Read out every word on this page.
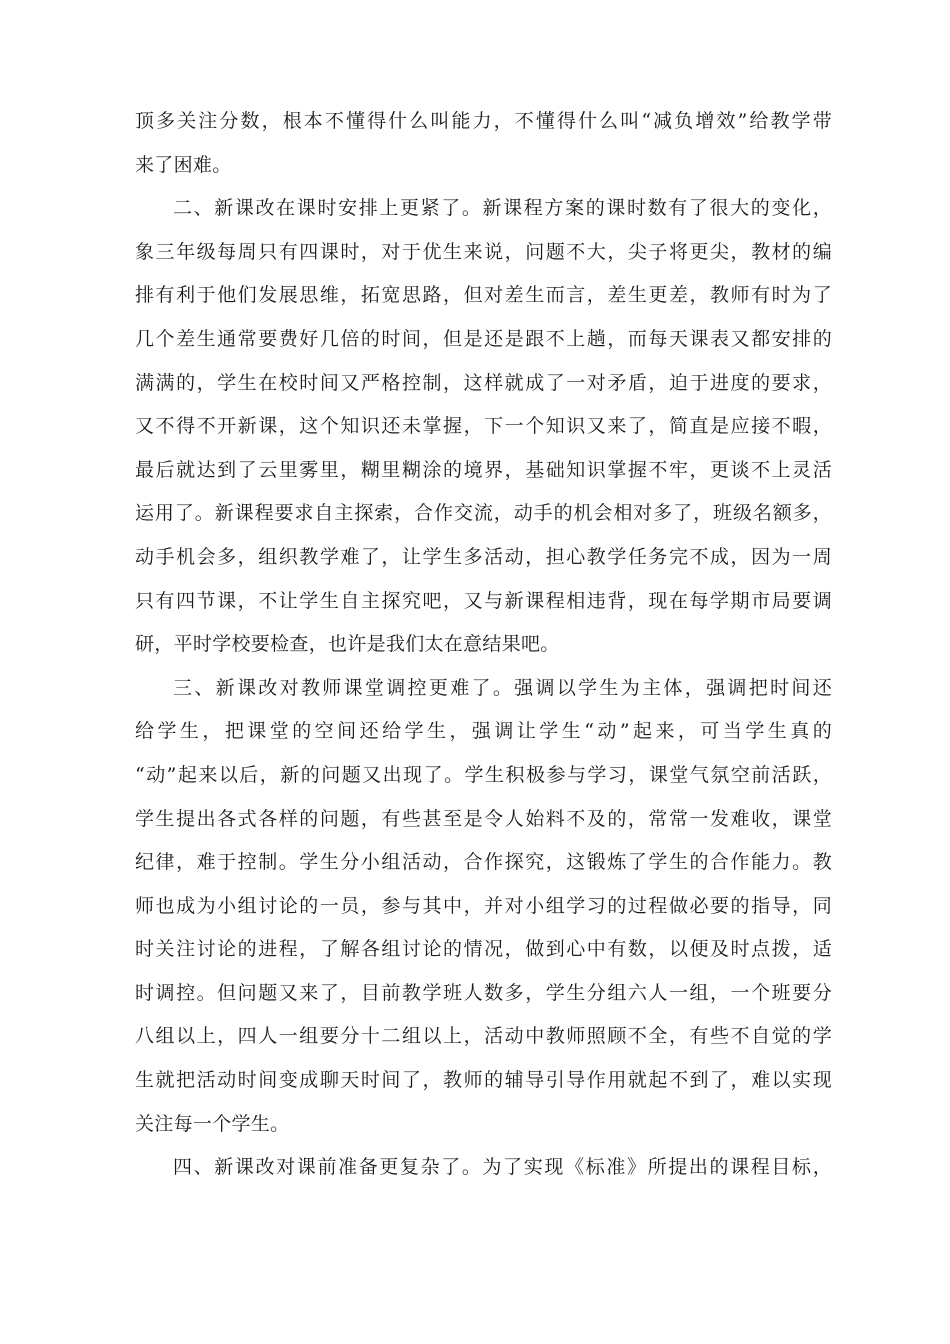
顶多关注分数，根本不懂得什么叫能力，不懂得什么叫“减负增效”给教学带
来了困难。
二、新课改在课时安排上更紧了。新课程方案的课时数有了很大的变化，
象三年级每周只有四课时，对于优生来说，问题不大，尖子将更尖，教材的编
排有利于他们发展思维，拓宽思路，但对差生而言，差生更差，教师有时为了
几个差生通常要费好几倍的时间，但是还是跟不上趟，而每天课表又都安排的
满满的，学生在校时间又严格控制，这样就成了一对矛盾，迫于进度的要求，
又不得不开新课，这个知识还未掌握，下一个知识又来了，简直是应接不暇，
最后就达到了云里雾里，糊里糊涂的境界，基础知识掌握不牢，更谈不上灵活
运用了。新课程要求自主探索，合作交流，动手的机会相对多了，班级名额多，
动手机会多，组织教学难了，让学生多活动，担心教学任务完不成，因为一周
只有四节课，不让学生自主探究吧，又与新课程相违背，现在每学期市局要调
研，平时学校要检查，也许是我们太在意结果吧。
三、新课改对教师课堂调控更难了。强调以学生为主体，强调把时间还
给学生，把课堂的空间还给学生，强调让学生“动”起来，可当学生真的
“动”起来以后，新的问题又出现了。学生积极参与学习，课堂气氛空前活跃，
学生提出各式各样的问题，有些甚至是令人始料不及的，常常一发难收，课堂
纪律，难于控制。学生分小组活动，合作探究，这锻炼了学生的合作能力。教
师也成为小组讨论的一员，参与其中，并对小组学习的过程做必要的指导，同
时关注讨论的进程，了解各组讨论的情况，做到心中有数，以便及时点拨，适
时调控。但问题又来了，目前教学班人数多，学生分组六人一组，一个班要分
八组以上，四人一组要分十二组以上，活动中教师照顾不全，有些不自觉的学
生就把活动时间变成聊天时间了，教师的辅导引导作用就起不到了，难以实现
关注每一个学生。
四、新课改对课前准备更复杂了。为了实现《标准》所提出的课程目标，
